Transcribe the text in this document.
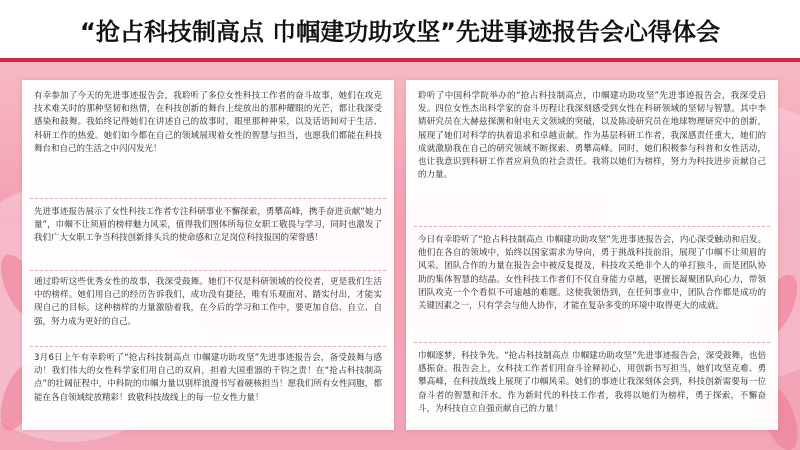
“抢占科技制高点 巾帼建功助攻坚”先进事迹报告会心得体会

有幸参加了今天的先进事迹报告会，我聆听了多位女性科技工作者的奋斗故事，她们在攻克技术难关时的那种坚韧和热情，在科技创新的舞台上绽放出的那种耀眼的光芒，都让我深受感染和鼓舞。我始终记得她们在讲述自己的故事时，眼里那种神采，以及话语间对于生活、科研工作的热爱。她们如今都在自己的领域展现着女性的智慧与担当，也愿我们都能在科技舞台和自己的生活之中闪闪发光！

先进事迹报告展示了女性科技工作者专注科研事业不懈探索，勇攀高峰，携手奋进贡献“她力量”，巾帼不让须眉的榜样魅力风采，值得我们图体所每位女职工敬畏与学习，同时也激发了我们广大女职工争当科技创新排头兵的使命感和立足岗位科技报国的荣誉感！

通过聆听这些优秀女性的故事，我深受鼓舞。她们不仅是科研领域的佼佼者，更是我们生活中的榜样。她们用自己的经历告诉我们，成功没有捷径，唯有乐观面对、踏实付出，才能实现自己的目标。这种榜样的力量激励着我，在今后的学习和工作中，要更加自信、自立、自强，努力成为更好的自己。

3月6日上午有幸聆听了“抢占科技制高点 巾帼建功助攻坚”先进事迹报告会，备受鼓舞与感动！我们伟大的女性科学家们用自己的双肩，担着大国重器的千钧之责！在“抢占科技制高点”的壮阔征程中，中科院的巾帼力量以别样浪漫书写着硬核担当！愿我们所有女性同胞，都能在各自领域绽放精彩！致敬科技战线上的每一位女性力量！

聆听了中国科学院举办的“抢占科技制高点，巾帼建功助攻坚”先进事迹报告会，我深受启发。四位女性杰出科学家的奋斗历程让我深刻感受到女性在科研领域的坚韧与智慧。其中李婧研究员在大赫兹探测和射电天文领域的突破，以及陈凌研究员在地球物理研究中的创新，展现了她们对科学的执着追求和卓越贡献。作为基层科研工作者，我深感责任重大，她们的成就激励我在自己的研究领域不断探索、勇攀高峰。同时，她们积极参与科普和女性活动，也让我意识到科研工作者应肩负的社会责任。我将以她们为榜样，努力为科技进步贡献自己的力量。

今日有幸聆听了“抢占科技制高点 巾帼建功助攻坚”先进事迹报告会，内心深受触动和启发。他们在各自的领域中，始终以国家需求为导向，勇于挑战科技前沿，展现了巾帼不让须眉的风采。团队合作的力量在报告会中被反复提及，科技攻关绝非个人的单打独斗，而是团队协助的集体智慧的结晶。女性科技工作者们不仅自身能力卓越，更擅长凝聚团队向心力，带领团队攻克一个个看似不可逾越的难题。这使我领悟到，在任何事业中，团队合作都是成功的关键因素之一，只有学会与他人协作，才能在复杂多变的环境中取得更大的成就。

巾帼逐梦，科技争先。“抢占科技制高点 巾帼建功助攻坚”先进事迹报告会，深受鼓舞，也倍感振奋。报告会上，女科技工作者们用奋斗诠释初心，用创新书写担当，她们攻坚克难、勇攀高峰，在科技战线上展现了巾帼风采。她们的事迹让我深刻体会到，科技创新需要每一位奋斗者的智慧和汗水。作为新时代的科技工作者，我将以她们为榜样，勇于探索，不懈奋斗，为科技自立自强贡献自己的力量！
